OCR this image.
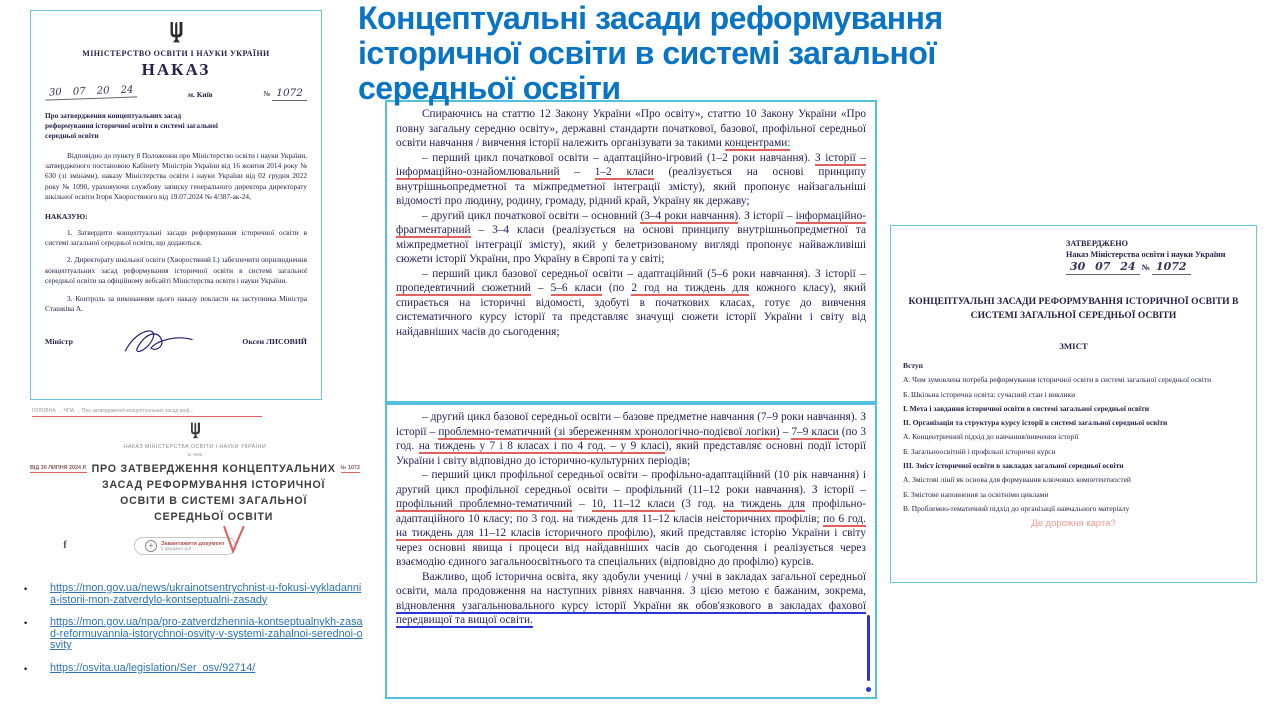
Концептуальні засади реформування
історичної освіти в системі загальної
середньої освіти
МІНІСТЕРСТВО ОСВІТИ І НАУКИ УКРАЇНИ
НАКАЗ
30 07 20 24	м. Київ	№ 1072
Про затвердження концептуальних засад реформування історичної освіти в системі загальної середньої освіти

Відповідно до пункту 8 Положення про Міністерство освіти і науки України, затвердженого постановою Кабінету Міністрів України від 16 жовтня 2014 року № 630 (зі змінами), наказу Міністерства освіти і науки України від 02 грудня 2022 року № 1090, ураховуючи службову записку генерального директора директорату шкільної освіти Ігоря Хворостяного від 19.07.2024 № 4/387-ак-24,

НАКАЗУЮ:

1. Затвердити концептуальні засади реформування історичної освіти в системі загальної середньої освіти, що додаються.

2. Директорату шкільної освіти (Хворостяний І.) забезпечити оприлюднення концептуальних засад реформування історичної освіти в системі загальної середньої освіти на офіційному вебсайті Міністерства освіти і науки України.

3. Контроль за виконанням цього наказу покласти на заступника Міністра Сташківа А.

Міністр	Оксен ЛИСОВИЙ

Спираючись на статтю 12 Закону України «Про освіту», статтю 10 Закону України «Про повну загальну середню освіту», державні стандарти початкової, базової, профільної середньої освіти навчання / вивчення історії належить організувати за такими концентрами:

– перший цикл початкової освіти – адаптаційно-ігровий (1–2 роки навчання). З історії – інформаційно-ознайомлювальний – 1–2 класи (реалізується на основі принципу внутрішньопредметної та міжпредметної інтеграції змісту), який пропонує найзагальніші відомості про людину, родину, громаду, рідний край, Україну як державу;

– другий цикл початкової освіти – основний (3–4 роки навчання). З історії – інформаційно-фрагментарний – 3–4 класи (реалізується на основі принципу внутрішньопредметної та міжпредметної інтеграції змісту), який у белетризованому вигляді пропонує найважливіші сюжети історії України, про Україну в Європі та у світі;

– перший цикл базової середньої освіти – адаптаційний (5–6 роки навчання). З історії – пропедевтичний сюжетний – 5–6 класи (по 2 год на тиждень для кожного класу), який спирається на історичні відомості, здобуті в початкових класах, готує до вивчення систематичного курсу історії та представляє значущі сюжети історії України і світу від найдавніших часів до сьогодення;

– другий цикл базової середньої освіти – базове предметне навчання (7–9 роки навчання). З історії – проблемно-тематичний (зі збереженням хронологічно-подієвої логіки) – 7–9 класи (по 3 год. на тиждень у 7 і 8 класах і по 4 год. – у 9 класі), який представляє основні події історії України і світу відповідно до історично-культурних періодів;

– перший цикл профільної середньої освіти – профільно-адаптаційний (10 рік навчання) і другий цикл профільної середньої освіти – профільний (11–12 роки навчання). З історії – профільний проблемно-тематичний – 10, 11–12 класи (3 год. на тиждень для профільно-адаптаційного 10 класу; по 3 год. на тиждень для 11–12 класів неісторичних профілів; по 6 год. на тиждень для 11–12 класів історичного профілю), який представляє історію України і світу через основні явища і процеси від найдавніших часів до сьогодення і реалізується через взаємодію єдиного загальноосвітнього та спеціальних (відповідно до профілю) курсів.

Важливо, щоб історична освіта, яку здобули учениці / учні в закладах загальної середньої освіти, мала продовження на наступних рівнях навчання. З цією метою є бажаним, зокрема, відновлення узагальнювального курсу історії України як обов'язкового в закладах фахової передвищої та вищої освіти.

ЗАТВЕРДЖЕНО
Наказ Міністерства освіти і науки України
30 07 24 № 1072
КОНЦЕПТУАЛЬНІ ЗАСАДИ РЕФОРМУВАННЯ ІСТОРИЧНОЇ ОСВІТИ В СИСТЕМІ ЗАГАЛЬНОЇ СЕРЕДНЬОЇ ОСВІТИ
ЗМІСТ
Вступ
А. Чим зумовлена потреба реформування історичної освіти в системі загальної середньої освіти
Б. Шкільна історична освіта: сучасний стан і виклики
І. Мета і завдання історичної освіти в системі загальної середньої освіти
ІІ. Організація та структура курсу історії в системі загальної середньої освіти
А. Концентричний підхід до навчання/вивчення історії
Б. Загальноосвітній і профільні історичні курси
ІІІ. Зміст історичної освіти в закладах загальної середньої освіти
А. Змістові лінії як основа для формування ключових компетентностей
Б. Змістове наповнення за освітніми циклами
В. Проблемно-тематичний підхід до організації навчального матеріалу
Де дорожня карта?
ГОЛОВНА → НПА → Про затвердження концептуальних засад реф...
НАКАЗ МІНІСТЕРСТВА ОСВІТИ І НАУКИ УКРАЇНИ
м. Київ
ВІД 30 ЛИПНЯ 2024 Р. ПРО ЗАТВЕРДЖЕННЯ КОНЦЕПТУАЛЬНИХ ЗАСАД РЕФОРМУВАННЯ ІСТОРИЧНОЇ ОСВІТИ В СИСТЕМІ ЗАГАЛЬНОЇ СЕРЕДНЬОЇ ОСВІТИ
№ 1072
f	+	Завантажити документ
у форматі pdf
•	https://mon.gov.ua/news/ukrainotsentrychnist-u-fokusi-vykladannia-istorii-mon-zatverdylo-kontseptualni-zasady
•	https://mon.gov.ua/npa/pro-zatverdzhennia-kontseptualnykh-zasad-reformuvannia-istorychnoi-osvity-v-systemi-zahalnoi-serednoi-osvity
•	https://osvita.ua/legislation/Ser_osv/92714/
